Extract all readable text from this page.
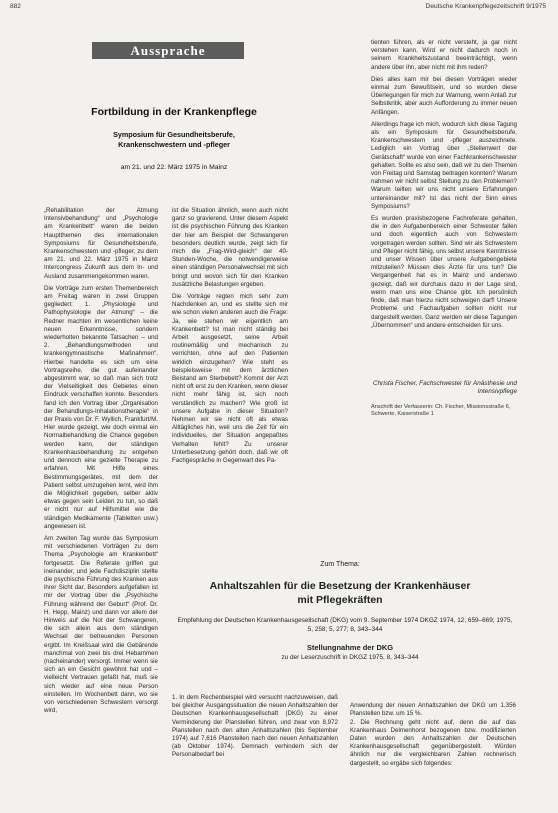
882	Deutsche Krankenpflegezeitschrift 9/1975
Aussprache
Fortbildung in der Krankenpflege
Symposium für Gesundheitsberufe,
Krankenschwestern und -pfleger
am 21. und 22. März 1975 in Mainz

„Rehabilitation der Atmung Intensivbehandlung“ und „Psychologie am Krankenbett“ waren die beiden Hauptthemen des internationalen Symposiums für Gesundheitsberufe, Krankenschwestern und -pfleger, zu dem am 21. und 22. März 1975 in Mainz Intercongress Zukunft aus dem In- und Ausland zusammengekommen waren.

Die Vorträge zum ersten Themenbereich am Freitag waren in zwei Gruppen gegliedert: 1. „Physiologie und Pathophysiologie der Atmung“ – die Redner machten im wesentlichen keine neuen Erkenntnisse, sondern wiederholten bekannte Tatsachen – und 2. „Behandlungsmethoden und krankengymnastische Maßnahmen“. Hierbei handelte es sich um eine Vortragsreihe, die gut aufeinander abgestimmt war, so daß man sich trotz der Vielseitigkeit des Gebietes einen Eindruck verschaffen konnte. Besonders fand ich den Vortrag über „Organisation der Behandlungs-Inhalationstherapie“ in der Praxis von Dr. F. Wyllich, Frankfurt/M. Hier wurde gezeigt, wie doch einmal ein Normalbehandlung die Chance gegeben werden kann, der ständigen Krankenhausbehandlung zu entgehen und dennoch eine gezielte Therapie zu erfahren. Mit Hilfe eines Bestimmungsgerätes, mit dem der Patient selbst umzugehen lernt, wird ihm die Möglichkeit gegeben, selber aktiv etwas gegen sein Leiden zu tun, so daß er nicht nur auf Hilfsmittel wie die ständigen Medikamente (Tabletten usw.) angewiesen ist.

Am zweiten Tag wurde das Symposium mit verschiedenen Vorträgen zu dem Thema „Psychologie am Krankenbett“ fortgesetzt. Die Referate griffen gut ineinander, und jede Fachdisziplin stellte die psychische Führung des Kranken aus ihrer Sicht dar. Besonders aufgefallen ist mir der Vortrag über die „Psychische Führung während der Geburt“ (Prof. Dr. H. Hepp, Mainz) und dann vor allem der Hinweis auf die Not der Schwangeren, die sich allein aus dem ständigen Wechsel der betreuenden Personen ergibt. Im Kreißsaal wird die Gebärende manchmal von zwei bis drei Hebammen (nacheinander) versorgt. Immer wenn sie sich an ein Gesicht gewöhnt hat und – vielleicht Vertrauen gefaßt hat, muß sie sich wieder auf eine neue Person einstellen. Im Wochenbett dann, wo sie von verschiedenen Schwestern versorgt wird,

ist die Situation ähnlich, wenn auch nicht ganz so gravierend. Unter diesem Aspekt ist die psychischen Führung des Kranken der hier am Beispiel der Schwangeren besonders deutlich wurde, zeigt sich für mich die „Frag-Wird-gleich“ der 40-Stunden-Woche, die notwendigerweise einen ständigen Personalwechsel mit sich bringt und wovon sich für den Kranken zusätzliche Belastungen ergeben.

Die Vorträge regten mich sehr zum Nachdenken an, und es stellte sich mir wie schon vielen anderen auch die Frage: Ja, wie stehen wir eigentlich am Krankenbett? Ist man nicht ständig bei Arbeit ausgesetzt, seine Arbeit routinemäßig und mechanisch zu verrichten, ohne auf den Patienten wirklich einzugehen? Wie steht es beispielsweise mit dem ärztlichen Beistand am Sterbebett? Kommt der Arzt nicht oft erst zu den Kranken, wenn dieser nicht mehr fähig ist, sich noch verständlich zu machen? Wie groß ist unsere Aufgabe in dieser Situation? Nehmen wir sie nicht oft als etwas Alltägliches hin, weil uns die Zeit für ein individuelles, der Situation angepaßtes Verhalten fehlt? Zu unserer Unterbesetzung gehört doch, daß wir oft Fachgespräche in Gegenwart des Pa-

tienten führen, als er nicht versteht, ja gar nicht verstehen kann. Wird er nicht dadurch noch in seinem Krankheitszustand beeinträchtigt, wenn andere über ihn, aber nicht mit ihm reden?

Dies alles kam mir bei diesen Vorträgen wieder einmal zum Bewußtsein, und so wurden diese Überlegungen für mich zur Warnung, wenn Anlaß zur Selbstkritik, aber auch Aufforderung zu immer neuen Anfängen.

Allerdings frage ich mich, wodurch sich diese Tagung als ein Symposium für Gesundheitsberufe, Krankenschwestern und -pfleger auszeichnete. Lediglich ein Vortrag über „Stellenwert der Gerätschaft“ wurde von einer Fachkrankenschwester gehalten. Sollte es also sein, daß wir zu den Themen von Freitag und Samstag beitragen konnten? Warum nahmen wir nicht selbst Stellung zu den Problemen? Warum teilten wir uns nicht unsere Erfahrungen untereinander mit? Ist das nicht der Sinn eines Symposiums?

Es wurden praxisbezogene Fachreferate gehalten, die in den Aufgabenbereich einer Schwester fallen und doch eigentlich auch von Schwestern vorgetragen werden sollten. Sind wir als Schwestern und Pfleger nicht fähig, uns selbst unsere Kenntnisse und unser Wissen über unsere Aufgabengebiete mitzuteilen? Müssen dies Ärzte für uns tun? Die Vergangenheit hat es in Mainz und anderswo gezeigt, daß wir durchaus dazu in der Lage sind, wenn man uns eine Chance gibt. Ich persönlich finde, daß man hierzu nicht schweigen darf! Unsere Probleme und Fachaufgaben sollten nicht nur dargestellt werden. Ganz werden wir diese Tagungen „Übernommen“ und andere entscheiden für uns.

Christa Fischer, Fachschwester für Anästhesie und Intensivpflege
Anschrift der Verfasserin: Ch. Fischer, Missionsstraße 6, Schwerte, Kaiserstraße 1
Zum Thema:
Anhaltszahlen für die Besetzung der Krankenhäuser
mit Pflegekräften
Empfehlung der Deutschen Krankenhausgesellschaft (DKG) vom 9. September 1974 DKGZ 1974, 12, 659–669; 1975, 5, 258; 5, 277; 8, 343–344
Stellungnahme der DKG
zu der Leserzuschrift in DKGZ 1975, 8, 343–344

1. In dem Rechenbeispiel wird versucht nachzuweisen, daß bei gleicher Ausgangssituation die neuen Anhaltszahlen der Deutschen Krankenhausgesellschaft (DKG) zu einer Verminderung der Planstellen führen, und zwar von 8,972 Planstellen nach den alten Anhaltszahlen (bis September 1974) auf 7,616 Planstellen nach den neuen Anhaltszahlen (ab Oktober 1974). Demnach verhindern sich der Personalbedarf bei

Anwendung der neuen Anhaltszahlen der DKG um 1,356 Planstellen bzw. um 15 %.
2. Die Rechnung geht nicht auf, denn die auf das Krankenhaus Delmenhorst bezogenen bzw. modifizierten Daten wurden den Anhaltszahlen der Deutschen Krankenhausgesellschaft gegenübergestellt. Würden ähnlich nur die vergleichbaren Zahlen rechnerisch dargestellt, so ergäbe sich folgendes:
